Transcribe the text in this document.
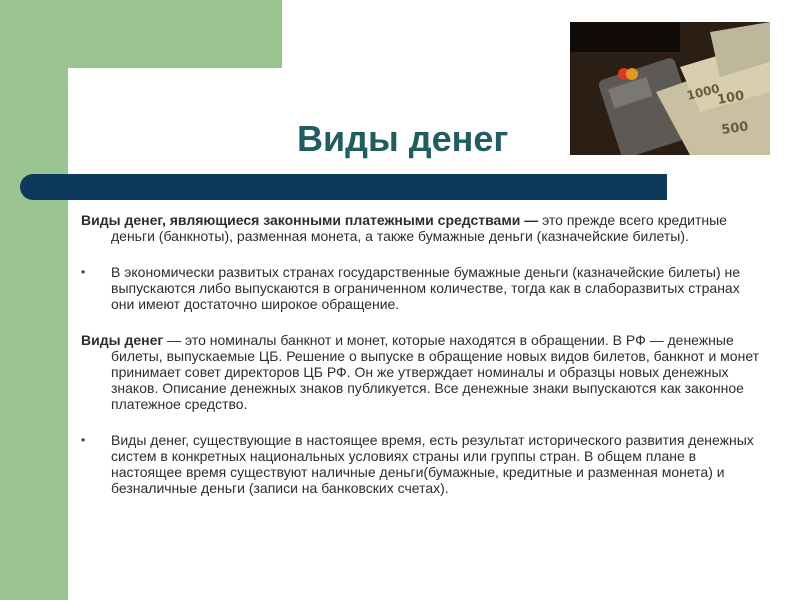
1000
100
500
Виды денег

Виды денег, являющиеся законными платежными средствами — это прежде всего кредитные деньги (банкноты), разменная монета, а также бумажные деньги (казначейские билеты).

• В экономически развитых странах государственные бумажные деньги (казначейские билеты) не выпускаются либо выпускаются в ограниченном количестве, тогда как в слаборазвитых странах они имеют достаточно широкое обращение.

Виды денег — это номиналы банкнот и монет, которые находятся в обращении. В РФ — денежные билеты, выпускаемые ЦБ. Решение о выпуске в обращение новых видов билетов, банкнот и монет принимает совет директоров ЦБ РФ. Он же утверждает номиналы и образцы новых денежных знаков. Описание денежных знаков публикуется. Все денежные знаки выпускаются как законное платежное средство.

• Виды денег, существующие в настоящее время, есть результат исторического развития денежных систем в конкретных национальных условиях страны или группы стран. В общем плане в настоящее время существуют наличные деньги(бумажные, кредитные и разменная монета) и безналичные деньги (записи на банковских счетах).
